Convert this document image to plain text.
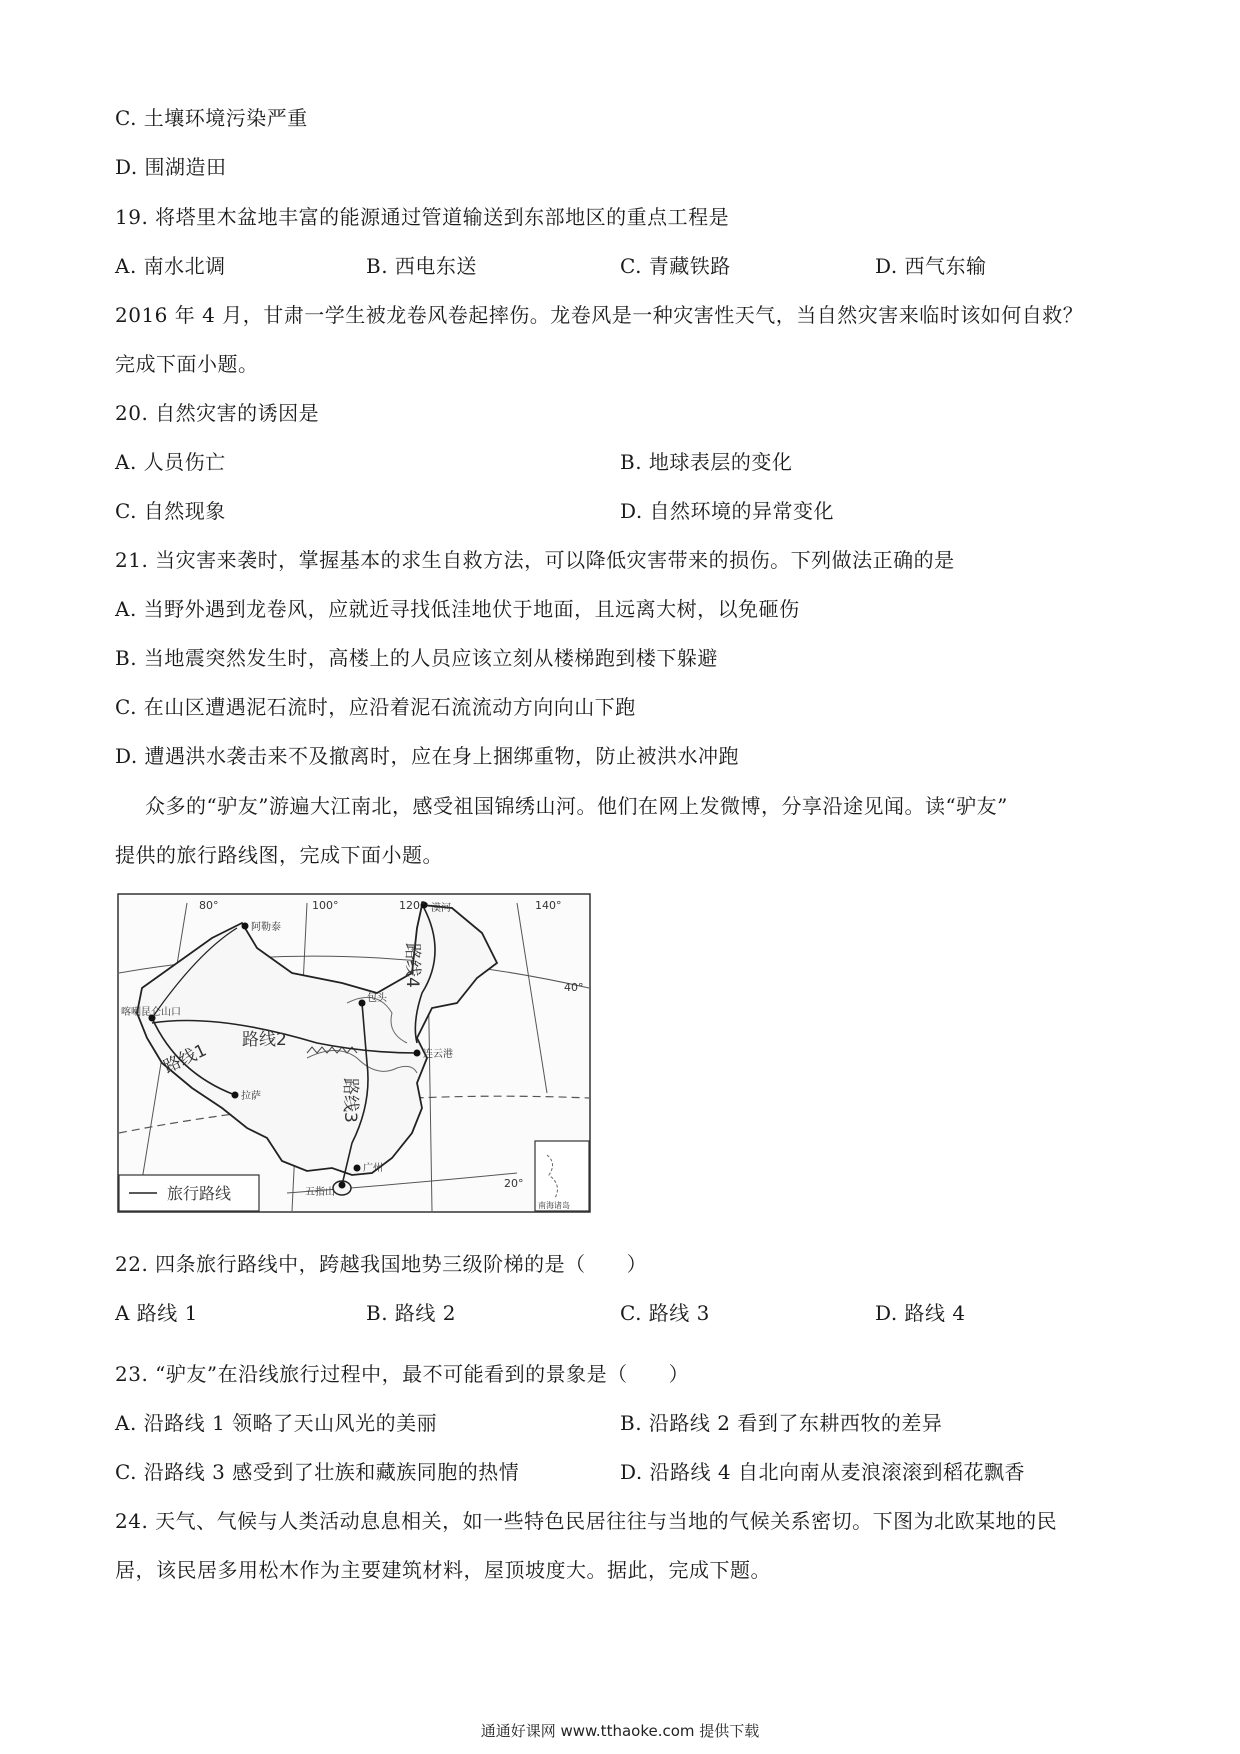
C. 土壤环境污染严重
D. 围湖造田
19. 将塔里木盆地丰富的能源通过管道输送到东部地区的重点工程是
A. 南水北调	B. 西电东送	C. 青藏铁路	D. 西气东输
2016 年 4 月，甘肃一学生被龙卷风卷起摔伤。龙卷风是一种灾害性天气，当自然灾害来临时该如何自救？
完成下面小题。
20. 自然灾害的诱因是
A. 人员伤亡	B. 地球表层的变化
C. 自然现象	D. 自然环境的异常变化
21. 当灾害来袭时，掌握基本的求生自救方法，可以降低灾害带来的损伤。下列做法正确的是
A. 当野外遇到龙卷风，应就近寻找低洼地伏于地面，且远离大树，以免砸伤
B. 当地震突然发生时，高楼上的人员应该立刻从楼梯跑到楼下躲避
C. 在山区遭遇泥石流时，应沿着泥石流流动方向向山下跑
D. 遭遇洪水袭击来不及撤离时，应在身上捆绑重物，防止被洪水冲跑
众多的“驴友”游遍大江南北，感受祖国锦绣山河。他们在网上发微博，分享沿途见闻。读“驴友”
提供的旅行路线图，完成下面小题。
80°	100°	120°	140°
40°
20°
漠河
阿勒泰
喀喇昆仑山口
包头
连云港
拉萨
广州
五指山
路线1
路线2
路线3
路线4
旅行路线
南海诸岛
22. 四条旅行路线中，跨越我国地势三级阶梯的是（　　）
A 路线 1	B. 路线 2	C. 路线 3	D. 路线 4
23. “驴友”在沿线旅行过程中，最不可能看到的景象是（　　）
A. 沿路线 1 领略了天山风光的美丽	B. 沿路线 2 看到了东耕西牧的差异
C. 沿路线 3 感受到了壮族和藏族同胞的热情	D. 沿路线 4 自北向南从麦浪滚滚到稻花飘香
24. 天气、气候与人类活动息息相关，如一些特色民居往往与当地的气候关系密切。下图为北欧某地的民
居，该民居多用松木作为主要建筑材料，屋顶坡度大。据此，完成下题。
通通好课网 www.tthaoke.com 提供下载
